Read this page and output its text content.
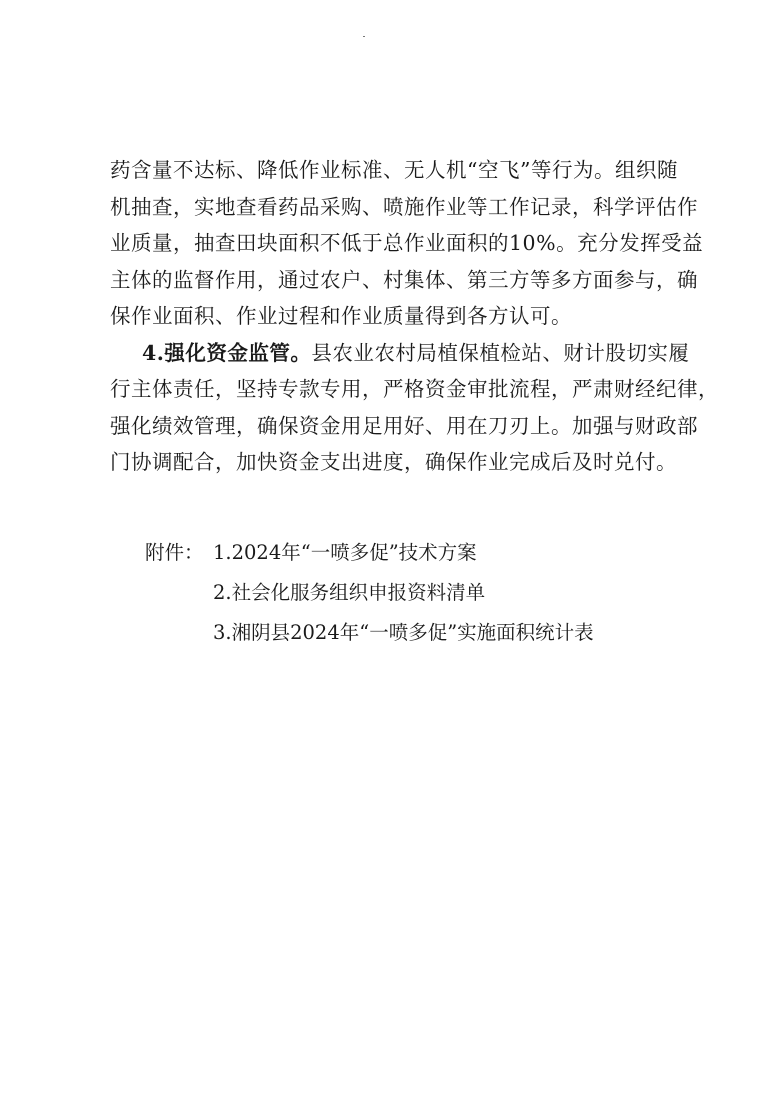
药含量不达标、降低作业标准、无人机“空飞”等行为。组织随
机抽查，实地查看药品采购、喷施作业等工作记录，科学评估作
业质量，抽查田块面积不低于总作业面积的10%。充分发挥受益
主体的监督作用，通过农户、村集体、第三方等多方面参与，确
保作业面积、作业过程和作业质量得到各方认可。
4.强化资金监管。县农业农村局植保植检站、财计股切实履
行主体责任，坚持专款专用，严格资金审批流程，严肃财经纪律，
强化绩效管理，确保资金用足用好、用在刀刃上。加强与财政部
门协调配合，加快资金支出进度，确保作业完成后及时兑付。
附件： 1.2024年“一喷多促”技术方案
2.社会化服务组织申报资料清单
3.湘阴县2024年“一喷多促”实施面积统计表
